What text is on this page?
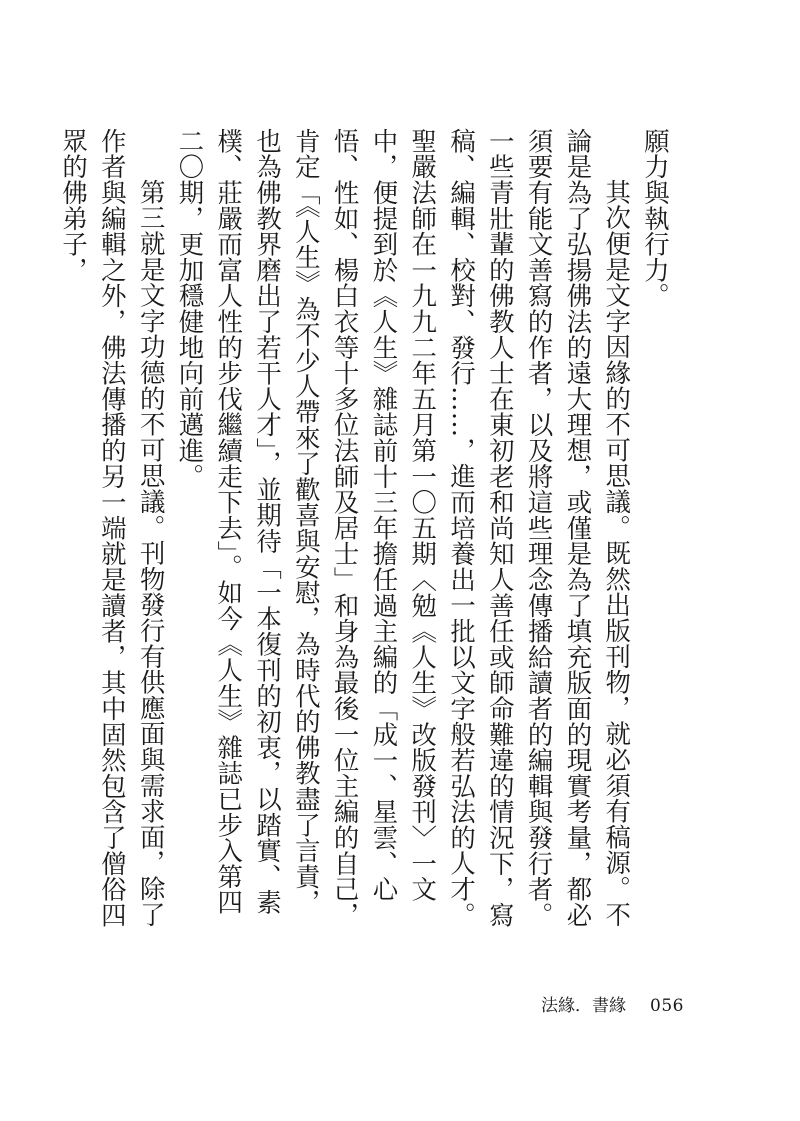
願力與執行力。

其次便是文字因緣的不可思議。既然出版刊物，就必須有稿源。不論是為了弘揚佛法的遠大理想，或僅是為了填充版面的現實考量，都必須要有能文善寫的作者，以及將這些理念傳播給讀者的編輯與發行者。一些青壯輩的佛教人士在東初老和尚知人善任或師命難違的情況下，寫稿、編輯、校對、發行……，進而培養出一批以文字般若弘法的人才。聖嚴法師在一九九二年五月第一〇五期〈勉《人生》改版發刊〉一文中，便提到於《人生》雜誌前十三年擔任過主編的「成一、星雲、心悟、性如、楊白衣等十多位法師及居士」和身為最後一位主編的自己，肯定「《人生》為不少人帶來了歡喜與安慰，為時代的佛教盡了言責，也為佛教界磨出了若干人才」，並期待「一本復刊的初衷，以踏實、素樸、莊嚴而富人性的步伐繼續走下去」。如今《人生》雜誌已步入第四二〇期，更加穩健地向前邁進。

第三就是文字功德的不可思議。刊物發行有供應面與需求面，除了作者與編輯之外，佛法傳播的另一端就是讀者，其中固然包含了僧俗四眾的佛弟子，

法緣．書緣 056
